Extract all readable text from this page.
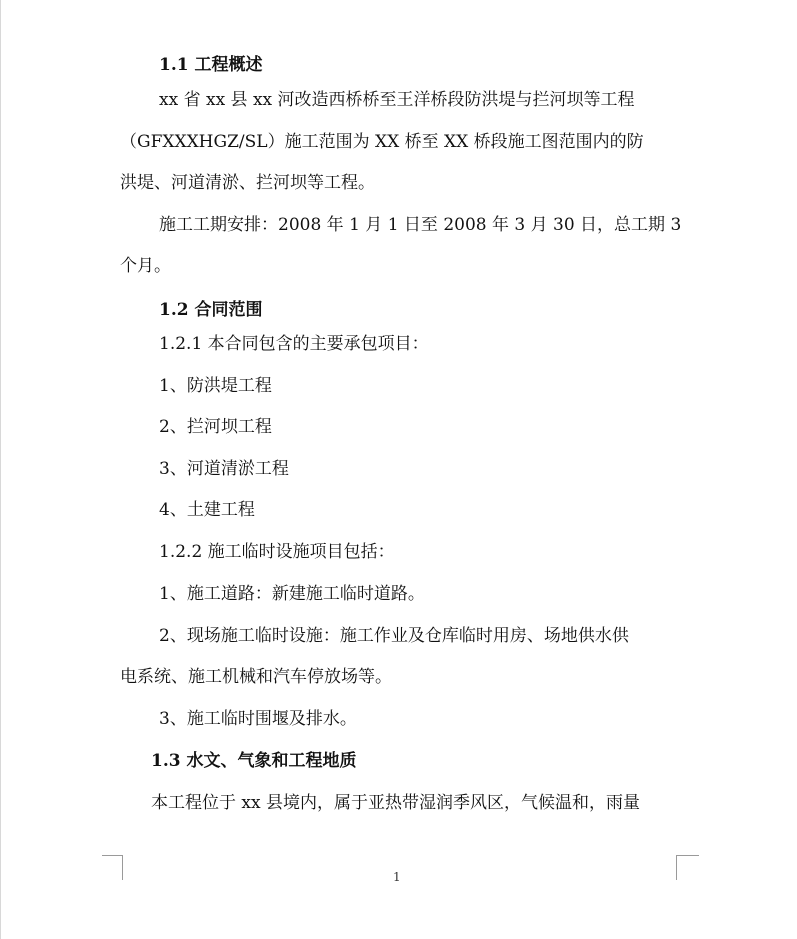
1.1 工程概述
xx 省 xx 县 xx 河改造西桥桥至王洋桥段防洪堤与拦河坝等工程
（GFXXXHGZ/SL）施工范围为 XX 桥至 XX 桥段施工图范围内的防
洪堤、河道清淤、拦河坝等工程。
施工工期安排：2008 年 1 月 1 日至 2008 年 3 月 30 日，总工期 3
个月。
1.2 合同范围
1.2.1 本合同包含的主要承包项目：
1、防洪堤工程
2、拦河坝工程
3、河道清淤工程
4、土建工程
1.2.2 施工临时设施项目包括：
1、施工道路：新建施工临时道路。
2、现场施工临时设施：施工作业及仓库临时用房、场地供水供
电系统、施工机械和汽车停放场等。
3、施工临时围堰及排水。
1.3 水文、气象和工程地质
本工程位于 xx 县境内，属于亚热带湿润季风区，气候温和，雨量
1
